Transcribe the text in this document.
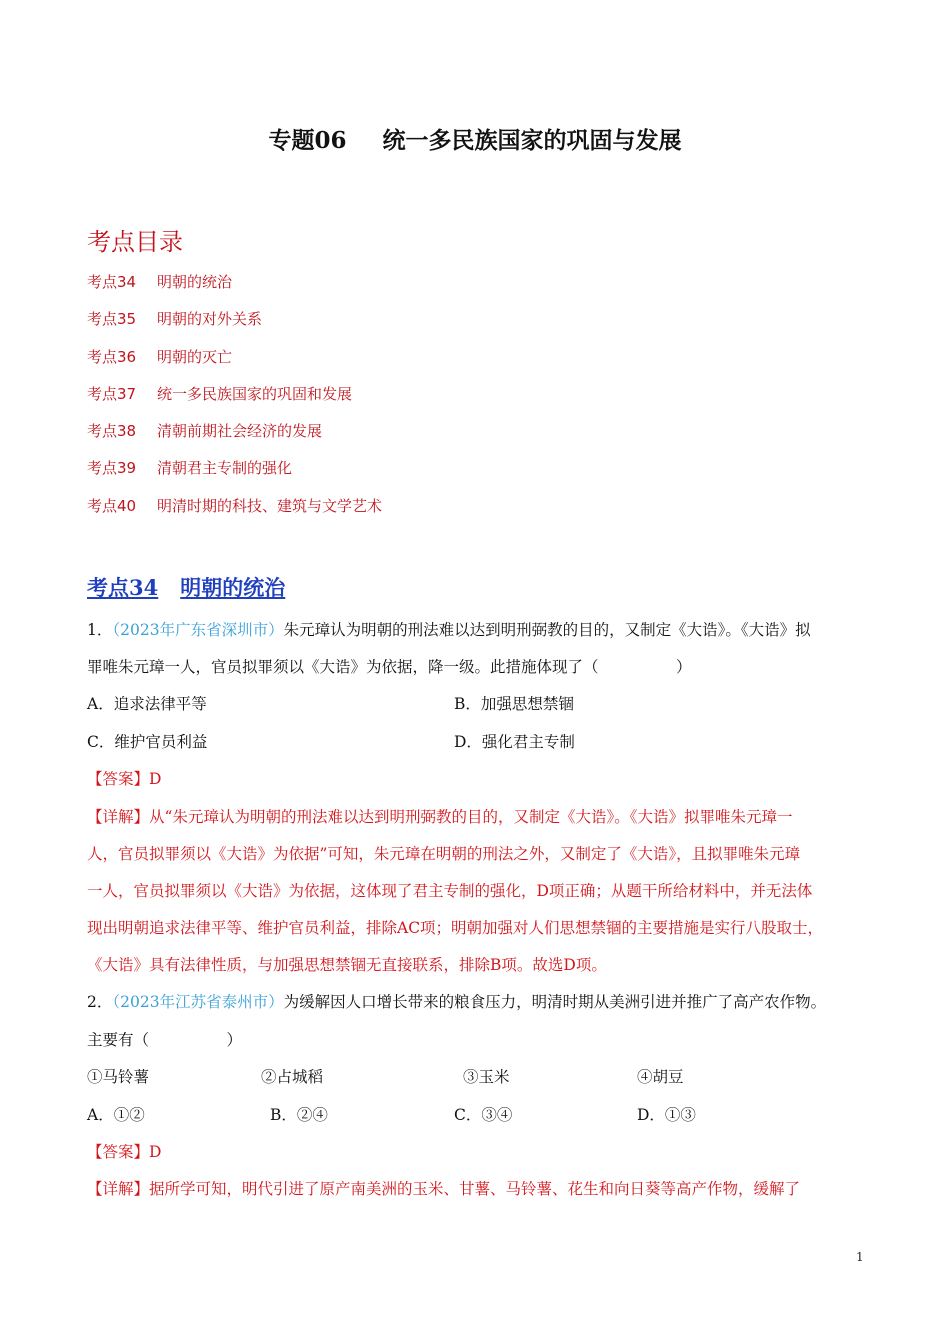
专题06 统一多民族国家的巩固与发展
考点目录
考点34 明朝的统治
考点35 明朝的对外关系
考点36 明朝的灭亡
考点37 统一多民族国家的巩固和发展
考点38 清朝前期社会经济的发展
考点39 清朝君主专制的强化
考点40 明清时期的科技、建筑与文学艺术
考点34 明朝的统治
1．（2023年广东省深圳市）朱元璋认为明朝的刑法难以达到明刑弼教的目的，又制定《大诰》。《大诰》拟
罪唯朱元璋一人，官员拟罪须以《大诰》为依据，降一级。此措施体现了（　　　　　）
A．追求法律平等	B．加强思想禁锢
C．维护官员利益	D．强化君主专制
【答案】D
【详解】从“朱元璋认为明朝的刑法难以达到明刑弼教的目的，又制定《大诰》。《大诰》拟罪唯朱元璋一
人，官员拟罪须以《大诰》为依据”可知，朱元璋在明朝的刑法之外，又制定了《大诰》，且拟罪唯朱元璋
一人，官员拟罪须以《大诰》为依据，这体现了君主专制的强化，D项正确；从题干所给材料中，并无法体
现出明朝追求法律平等、维护官员利益，排除AC项；明朝加强对人们思想禁锢的主要措施是实行八股取士，
《大诰》具有法律性质，与加强思想禁锢无直接联系，排除B项。故选D项。
2．（2023年江苏省泰州市）为缓解因人口增长带来的粮食压力，明清时期从美洲引进并推广了高产农作物。
主要有（　　　　　）
①马铃薯	②占城稻	③玉米	④胡豆
A．①②	B．②④	C．③④	D．①③
【答案】D
【详解】据所学可知，明代引进了原产南美洲的玉米、甘薯、马铃薯、花生和向日葵等高产作物，缓解了
1
